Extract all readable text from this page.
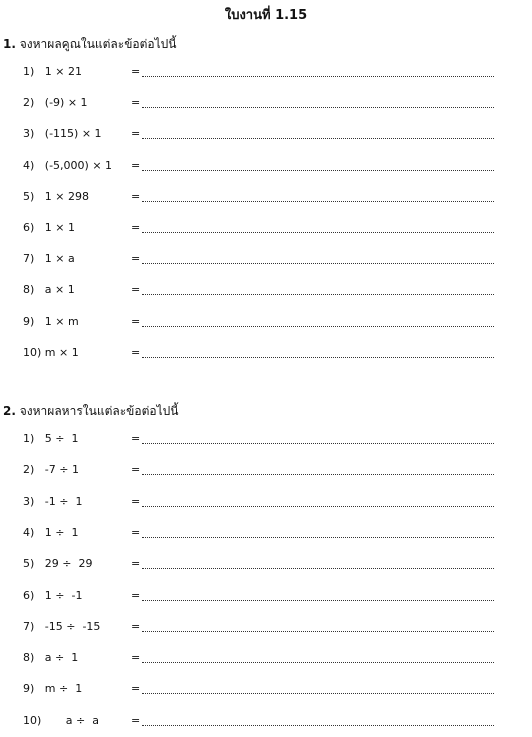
ใบงานที่ 1.15
1. จงหาผลคูณในแต่ละข้อต่อไปนี้
1)   1 × 21	=
2)   (-9) × 1	=
3)   (-115) × 1	=
4)   (-5,000) × 1 =
5)   1 × 298	=
6)   1 × 1	=
7)   1 × a	=
8)   a × 1	=
9)   1 × m	=
10) m × 1	=
2. จงหาผลหารในแต่ละข้อต่อไปนี้
1)   5 ÷  1	=
2)   -7 ÷ 1	=
3)   -1 ÷  1	=
4)   1 ÷  1	=
5)   29 ÷  29	=
6)   1 ÷  -1	=
7)   -15 ÷  -15	=
8)   a ÷  1	=
9)   m ÷  1	=
10)       a ÷  a	=
